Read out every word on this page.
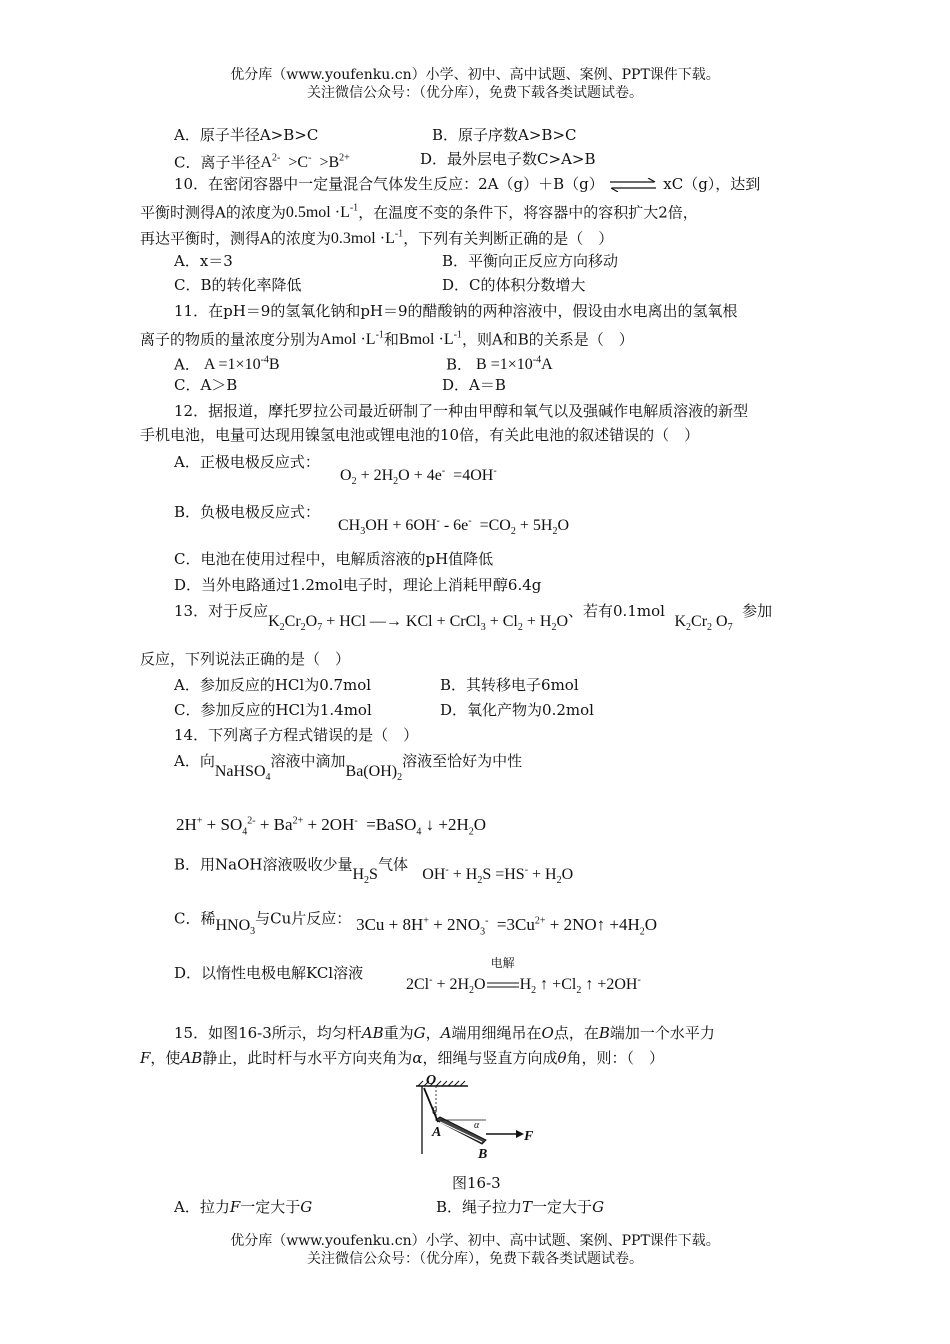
优分库（www.youfenku.cn）小学、初中、高中试题、案例、PPT课件下载。
关注微信公众号：（优分库），免费下载各类试题试卷。
A．原子半径A>B>C	B．原子序数A>B>C
C．离子半径$A^{2-} >C^- >B^{2+}$	D．最外层电子数C>A>B
10．在密闭容器中一定量混合气体发生反应：2A（g）＋B（g） ⇌ xC（g），达到
平衡时测得A的浓度为$0.5mol \cdot L^{-1}$，在温度不变的条件下，将容器中的容积扩大2倍，
再达平衡时，测得A的浓度为$0.3mol \cdot L^{-1}$，下列有关判断正确的是（　）
A．x＝3	B．平衡向正反应方向移动
C．B的转化率降低	D．C的体积分数增大
11．在pH＝9的氢氧化钠和pH＝9的醋酸钠的两种溶液中，假设由水电离出的氢氧根
离子的物质的量浓度分别为Amol $\cdot L^{-1}$和Bmol $\cdot L^{-1}$，则A和B的关系是（　）
A． $A =1\times 10^{-4}B$	B． $B =1\times 10^{-4}A$
C．A＞B	D．A＝B
12．据报道，摩托罗拉公司最近研制了一种由甲醇和氧气以及强碱作电解质溶液的新型
手机电池，电量可达现用镍氢电池或锂电池的10倍，有关此电池的叙述错误的（　）
A．正极电极反应式：
$O_2 + 2H_2O + 4e^- =4OH^-$
B．负极电极反应式：
$CH_3OH + 6OH^- - 6e^- =CO_2 + 5H_2O$
C．电池在使用过程中，电解质溶液的pH值降低
D．当外电路通过1.2mol电子时，理论上消耗甲醇6.4g
13．对于反应$K_2Cr_2O_7$ + HCl —→ KCl + CrCl$_3$ + $Cl_2 + H_2O$、若有0.1mol  $K_2Cr_2$ $O_7$  参加
反应，下列说法正确的是（　）
A．参加反应的HCl为0.7mol	B．其转移电子6mol
C．参加反应的HCl为1.4mol	D．氧化产物为0.2mol
14．下列离子方程式错误的是（　）
A．向NaHSO$_4$溶液中滴加$Ba(OH)_2$溶液至恰好为中性
$2H^+ + SO_4^{2-} + Ba^{2+} + 2OH^-$  =BaSO$_4$ ↓ $+2H_2O$
B．用NaOH溶液吸收少量$H_2S$气体   $OH^- + H_2S =HS^- + H_2O$
C．稀$HNO_3$与Cu片反应： $3Cu + 8H^+ + 2NO_3^- =3Cu^{2+}$ + 2NO↑ $+4H_2O$
D．以惰性电极电解KCl溶液
$2Cl^- + 2H_2O$
电解
$H_2$ ↑ $+Cl_2$ ↑ +2OH-
15．如图16-3所示，均匀杆AB重为G，A端用细绳吊在O点，在B端加一个水平力
F，使AB静止，此时杆与水平方向夹角为α，细绳与竖直方向成θ角，则：（　）
O
θ
α
A
B
F
图16-3
A．拉力F一定大于G	B．绳子拉力T一定大于G
优分库（www.youfenku.cn）小学、初中、高中试题、案例、PPT课件下载。
关注微信公众号：（优分库），免费下载各类试题试卷。
